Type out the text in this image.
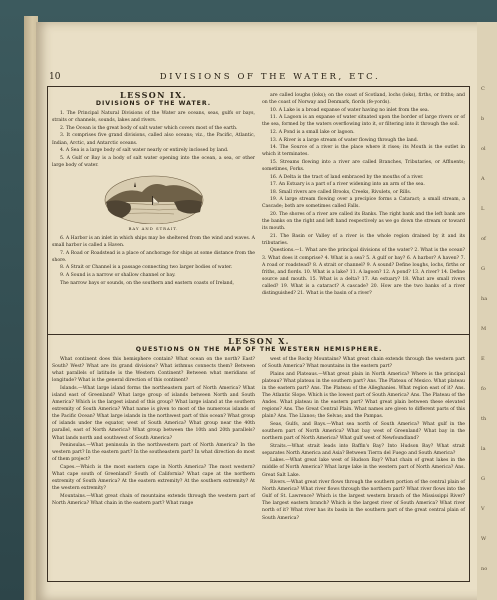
C
b
ol
A
L
of
G
ha
M
E
fo
th
la
G
V
W
no
10	DIVISIONS OF THE WATER, ETC.
LESSON IX.
DIVISIONS OF THE WATER.

1. The Principal Natural Divisions of the Water are oceans, seas, gulfs or bays, straits or channels, sounds, lakes and rivers.

2. The Ocean is the great body of salt water which covers most of the earth.

3. It comprises five grand divisions, called also oceans; viz., the Pacific, Atlantic, Indian, Arctic, and Antarctic oceans.

4. A Sea is a large body of salt water nearly or entirely inclosed by land.

5. A Gulf or Bay is a body of salt water opening into the ocean, a sea, or other large body of water.

BAY AND STRAIT.

6. A Harbor is an inlet in which ships may be sheltered from the wind and waves. A small harbor is called a Haven.

7. A Road or Roadstead is a place of anchorage for ships at some distance from the shore.

8. A Strait or Channel is a passage connecting two larger bodies of water.

9. A Sound is a narrow or shallow channel or bay.

The narrow bays or sounds, on the southern and eastern coasts of Ireland,

are called loughs (loks); on the coast of Scotland, lochs (loks), firths, or friths; and on the coast of Norway and Denmark, fiords (fe-yords).

10. A Lake is a broad expanse of water having no inlet from the sea.

11. A Lagoon is an expanse of water situated upon the border of large rivers or of the sea, formed by the waters overflowing into it, or filtering into it through the soil.

12. A Pond is a small lake or lagoon.

13. A River is a large stream of water flowing through the land.

14. The Source of a river is the place where it rises; its Mouth is the outlet in which it terminates.

15. Streams flowing into a river are called Branches, Tributaries, or Affluents; sometimes, Forks.

16. A Delta is the tract of land embraced by the mouths of a river.

17. An Estuary is a part of a river widening into an arm of the sea.

18. Small rivers are called Brooks, Creeks, Rivulets, or Rills.

19. A large stream flowing over a precipice forms a Cataract; a small stream, a Cascade; both are sometimes called Falls.

20. The shores of a river are called its Banks. The right bank and the left bank are the banks on the right and left hand respectively as we go down the stream or toward its mouth.

21. The Basin or Valley of a river is the whole region drained by it and its tributaries.

Questions.—1. What are the principal divisions of the water? 2. What is the ocean? 3. What does it comprise? 4. What is a sea? 5. A gulf or bay? 6. A harbor? A haven? 7. A road or roadstead? 8. A strait or channel? 9. A sound? Define loughs, lochs, firths or friths, and fiords. 10. What is a lake? 11. A lagoon? 12. A pond? 13. A river? 14. Define source and mouth. 15. What is a delta? 17. An estuary? 18. What are small rivers called? 19. What is a cataract? A cascade? 20. How are the two banks of a river distinguished? 21. What is the basin of a river?

LESSON X.
QUESTIONS ON THE MAP OF THE WESTERN HEMISPHERE.

What continent does this hemisphere contain? What ocean on the north? East? South? West? What are its grand divisions? What isthmus connects them? Between what parallels of latitude is the Western Continent? Between what meridians of longitude? What is the general direction of this continent?

Islands.—What large island forms the northeastern part of North America? What island east of Greenland? What large group of islands between North and South America? Which is the largest island of this group? What large island at the southern extremity of South America? What name is given to most of the numerous islands of the Pacific Ocean? What large islands in the northwest part of this ocean? What group of islands under the equator, west of South America? What group near the 40th parallel, east of North America? What group between the 10th and 20th parallels? What lands north and southwest of South America?

Peninsulas.—What peninsula in the northwestern part of North America? In the western part? In the eastern part? In the southeastern part? In what direction do most of them project?

Capes.—Which is the most eastern cape in North America? The most western? What cape south of Greenland? South of California? What cape at the northern extremity of South America? At the eastern extremity? At the southern extremity? At the western extremity?

Mountains.—What great chain of mountains extends through the western part of North America? What chain in the eastern part? What range

west of the Rocky Mountains? What great chain extends through the western part of South America? What mountains in the eastern part?

Plains and Plateaus.—What great plain in North America? Where is the principal plateau? What plateau in the southern part? Ans. The Plateau of Mexico. What plateau in the eastern part? Ans. The Plateau of the Alleghanies. What region east of it? Ans. The Atlantic Slope. Which is the lowest part of South America? Ans. The Plateau of the Andes. What plateau in the eastern part? What great plain between these elevated regions? Ans. The Great Central Plain. What names are given to different parts of this plain? Ans. The Llanos; the Selvas; and the Pampas.

Seas, Gulfs, and Bays.—What sea north of South America? What gulf in the southern part of North America? What bay west of Greenland? What bay in the northern part of North America? What gulf west of Newfoundland?

Straits.—What strait leads into Baffin's Bay? Into Hudson Bay? What strait separates North America and Asia? Between Tierra del Fuego and South America?

Lakes.—What great lake west of Hudson Bay? What chain of great lakes in the middle of North America? What large lake in the western part of North America? Ans. Great Salt Lake.

Rivers.—What great river flows through the southern portion of the central plain of North America? What river flows through the northern part? What river flows into the Gulf of St. Lawrence? Which is the largest western branch of the Mississippi River? The largest eastern branch? Which is the largest river of South America? What river north of it? What river has its basin in the southern part of the great central plain of South America?
